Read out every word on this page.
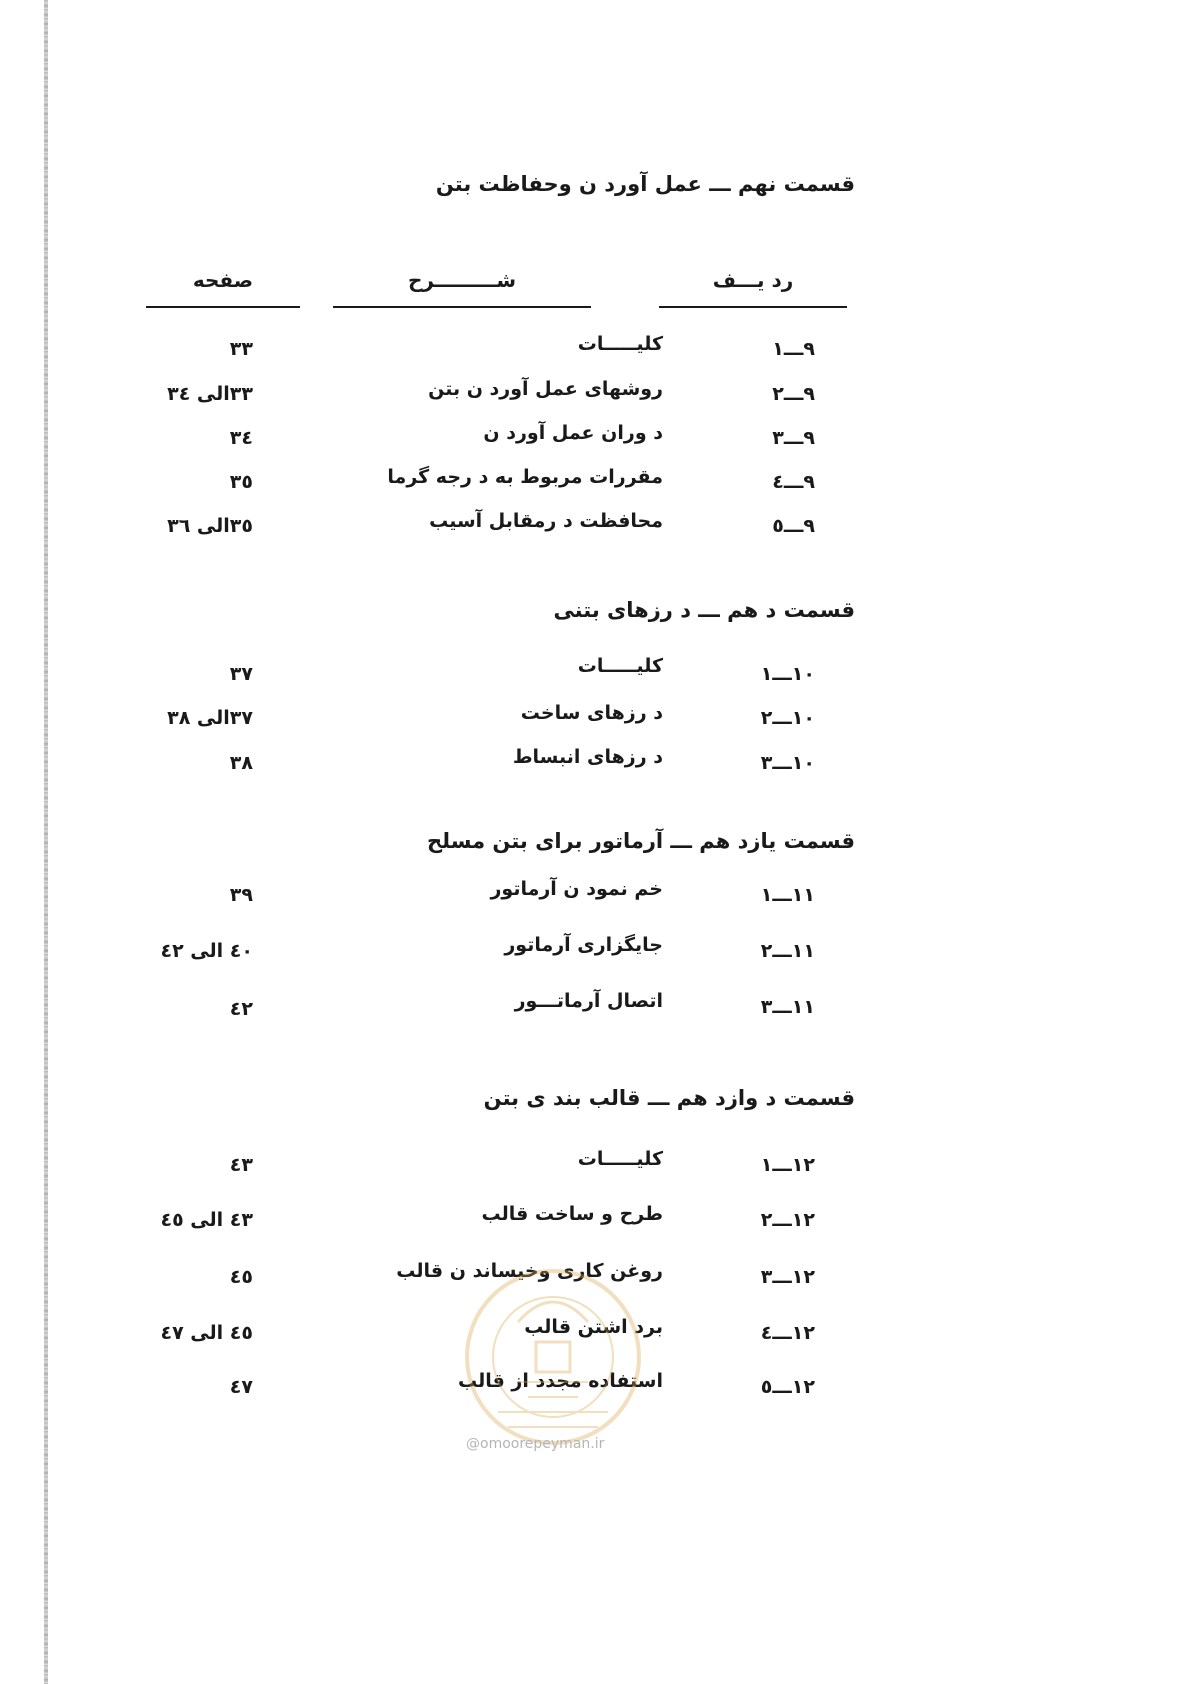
قسمت نهم ـــ عمل آورد ن وحفاظت بتن
رد یـــف
شـــــــــرح
صفحه
٩ـــ١
کلیـــــات
٣٣
٩ـــ٢
روشهای عمل آورد ن بتن
٣٣الی ٣٤
٩ـــ٣
د وران عمل آورد ن
٣٤
٩ـــ٤
مقررات مربوط به د رجه گرما
٣٥
٩ـــ٥
محافظت د رمقابل آسیب
٣٥الی ٣٦
قسمت د هم ـــ د رزهای بتنی
١٠ـــ١
کلیـــــات
٣٧
١٠ـــ٢
د رزهای ساخت
٣٧الی ٣٨
١٠ـــ٣
د رزهای انبساط
٣٨
قسمت یازد هم ـــ آرماتور برای بتن مسلح
١١ـــ١
خم نمود ن آرماتور
٣٩
١١ـــ٢
جایگزاری آرماتور
٤٠ الی ٤٢
١١ـــ٣
اتصال آرماتـــور
٤٢
قسمت د وازد هم ـــ قالب بند ی بتن
١٢ـــ١
کلیـــــات
٤٣
١٢ـــ٢
طرح و ساخت قالب
٤٣ الی ٤٥
١٢ـــ٣
روغن کاری وخیساند ن قالب
٤٥
١٢ـــ٤
برد اشتن قالب
٤٥ الی ٤٧
١٢ـــ٥
استفاده مجدد از قالب
٤٧
@omoorepeyman.ir
